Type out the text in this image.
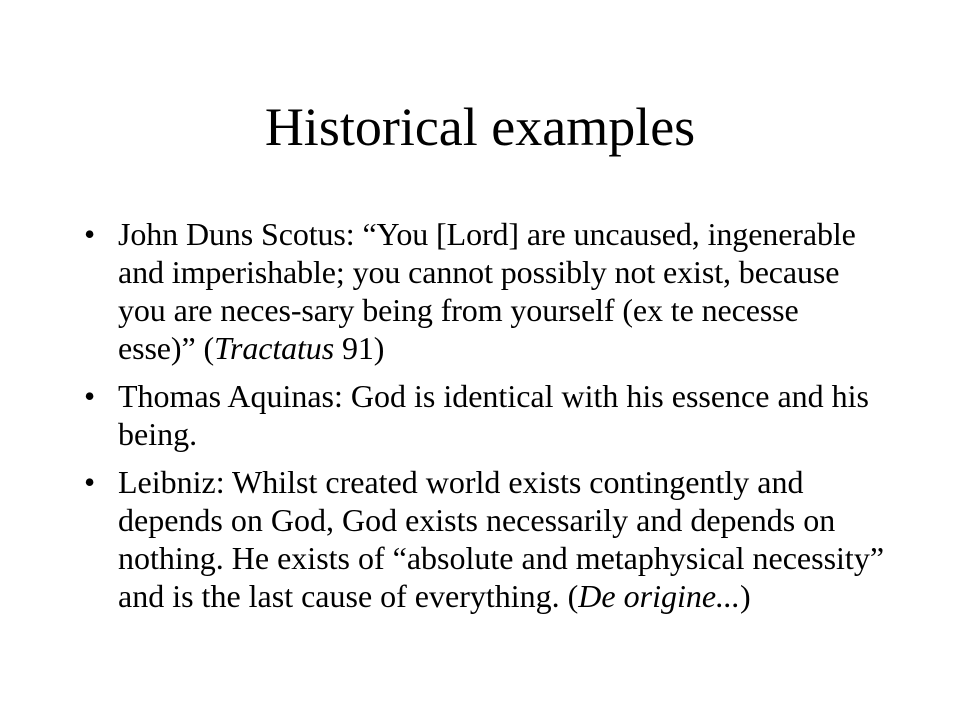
Historical examples
• John Duns Scotus: “You [Lord] are uncaused, ingenerable and imperishable; you cannot possibly not exist, because you are neces-sary being from yourself (ex te necesse esse)” (Tractatus 91)
• Thomas Aquinas: God is identical with his essence and his being.
• Leibniz: Whilst created world exists contingently and depends on God, God exists necessarily and depends on nothing. He exists of “absolute and metaphysical necessity” and is the last cause of everything. (De origine...)
